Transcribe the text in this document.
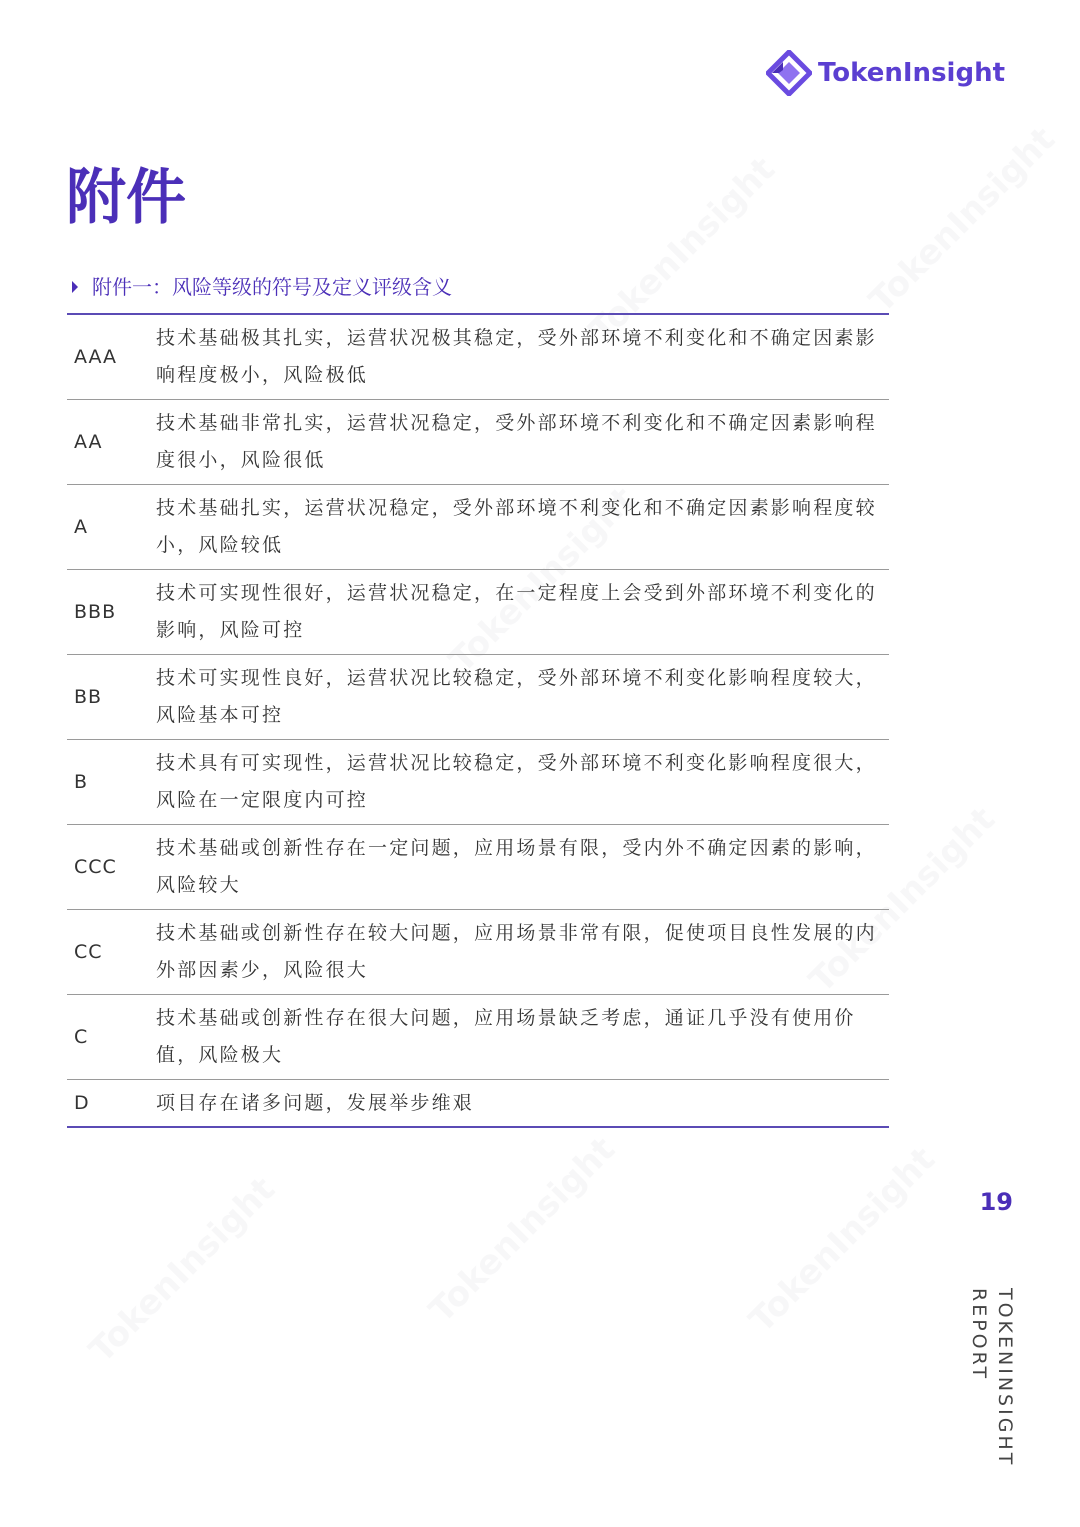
TokenInsight TokenInsight
TokenInsight
TokenInsight
TokenInsight
TokenInsight	TokenInsight
TokenInsight
附件
附件一：风险等级的符号及定义评级含义
AAA
技术基础极其扎实，运营状况极其稳定，受外部环境不利变化和不确定因素影响程度极小，风险极低
AA
技术基础非常扎实，运营状况稳定，受外部环境不利变化和不确定因素影响程度很小，风险很低
A
技术基础扎实，运营状况稳定，受外部环境不利变化和不确定因素影响程度较小，风险较低
BBB
技术可实现性很好，运营状况稳定，在一定程度上会受到外部环境不利变化的影响，风险可控
BB
技术可实现性良好，运营状况比较稳定，受外部环境不利变化影响程度较大，风险基本可控
B
技术具有可实现性，运营状况比较稳定，受外部环境不利变化影响程度很大，风险在一定限度内可控
CCC
技术基础或创新性存在一定问题，应用场景有限，受内外不确定因素的影响，风险较大
CC
技术基础或创新性存在较大问题，应用场景非常有限，促使项目良性发展的内外部因素少，风险很大
C
技术基础或创新性存在很大问题，应用场景缺乏考虑，通证几乎没有使用价值，风险极大
D	项目存在诸多问题，发展举步维艰
19
TOKENINSIGHT
REPORT
